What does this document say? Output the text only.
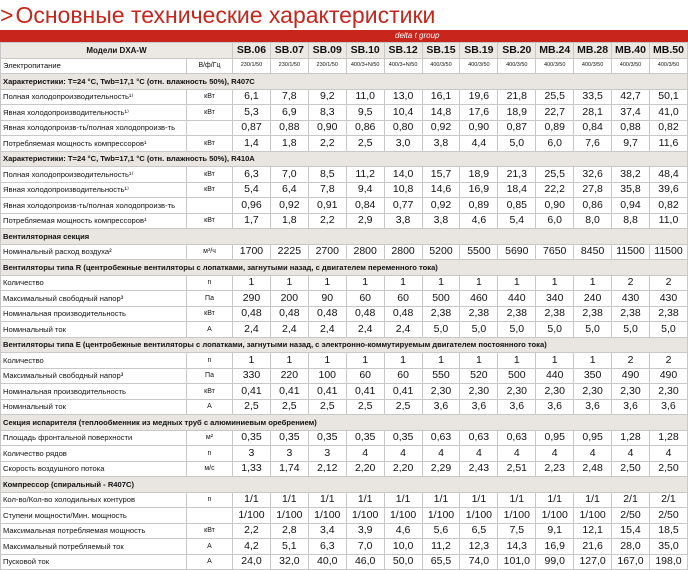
>Основные технические характеристики
delta t group
Модели DXA-W		SB.06	SB.07	SB.09	SB.10	SB.12	SB.15	SB.19	SB.20	MB.24	MB.28	MB.40	MB.50
Электропитание	В/ф/Гц	230/1/50	230/1/50	230/1/50	400/3+N/50	400/3+N/50	400/3/50	400/3/50	400/3/50	400/3/50	400/3/50	400/3/50	400/3/50
Характеристики: T=24 °C, Twb=17,1 °C (отн. влажность 50%), R407C													
Полная холодопроизводительность¹⁾	кВт	6,1	7,8	9,2	11,0	13,0	16,1	19,6	21,8	25,5	33,5	42,7	50,1
Явная холодопроизводительность¹⁾	кВт	5,3	6,9	8,3	9,5	10,4	14,8	17,6	18,9	22,7	28,1	37,4	41,0
Явная холодопроизв-ть/полная холодопроизв-ть		0,87	0,88	0,90	0,86	0,80	0,92	0,90	0,87	0,89	0,84	0,88	0,82
Потребляемая мощность компрессоров¹	кВт	1,4	1,8	2,2	2,5	3,0	3,8	4,4	5,0	6,0	7,6	9,7	11,6
Характеристики: T=24 °C, Twb=17,1 °C (отн. влажность 50%), R410A													
Полная холодопроизводительность¹⁾	кВт	6,3	7,0	8,5	11,2	14,0	15,7	18,9	21,3	25,5	32,6	38,2	48,4
Явная холодопроизводительность¹⁾	кВт	5,4	6,4	7,8	9,4	10,8	14,6	16,9	18,4	22,2	27,8	35,8	39,6
Явная холодопроизв-ть/полная холодопроизв-ть		0,96	0,92	0,91	0,84	0,77	0,92	0,89	0,85	0,90	0,86	0,94	0,82
Потребляемая мощность компрессоров¹	кВт	1,7	1,8	2,2	2,9	3,8	3,8	4,6	5,4	6,0	8,0	8,8	11,0
Вентиляторная секция													
Номинальный расход воздуха²	м³/ч	1700	2225	2700	2800	2800	5200	5500	5690	7650	8450	11500	11500
Вентиляторы типа R (центробежные вентиляторы с лопатками, загнутыми назад, с двигателем переменного тока)													
Количество	n	1	1	1	1	1	1	1	1	1	1	2	2
Максимальный свободный напор³	Па	290	200	90	60	60	500	460	440	340	240	430	430
Номинальная производительность	кВт	0,48	0,48	0,48	0,48	0,48	2,38	2,38	2,38	2,38	2,38	2,38	2,38
Номинальный ток	А	2,4	2,4	2,4	2,4	2,4	5,0	5,0	5,0	5,0	5,0	5,0	5,0
Вентиляторы типа E (центробежные вентиляторы с лопатками, загнутыми назад, с электронно-коммутируемым двигателем постоянного тока)													
Количество	n	1	1	1	1	1	1	1	1	1	1	2	2
Максимальный свободный напор³	Па	330	220	100	60	60	550	520	500	440	350	490	490
Номинальная производительность	кВт	0,41	0,41	0,41	0,41	0,41	2,30	2,30	2,30	2,30	2,30	2,30	2,30
Номинальный ток	А	2,5	2,5	2,5	2,5	2,5	3,6	3,6	3,6	3,6	3,6	3,6	3,6
Секция испарителя (теплообменник из медных труб с алюминиевым оребрением)													
Площадь фронтальной поверхности	м²	0,35	0,35	0,35	0,35	0,35	0,63	0,63	0,63	0,95	0,95	1,28	1,28
Количество рядов	n	3	3	3	4	4	4	4	4	4	4	4	4
Скорость воздушного потока	м/с	1,33	1,74	2,12	2,20	2,20	2,29	2,43	2,51	2,23	2,48	2,50	2,50
Компрессор (спиральный - R407C)													
Кол-во/Кол-во холодильных контуров	n	1/1	1/1	1/1	1/1	1/1	1/1	1/1	1/1	1/1	1/1	2/1	2/1
Ступени мощности/Мин. мощность		1/100	1/100	1/100	1/100	1/100	1/100	1/100	1/100	1/100	1/100	2/50	2/50
Максимальная потребляемая мощность	кВт	2,2	2,8	3,4	3,9	4,6	5,6	6,5	7,5	9,1	12,1	15,4	18,5
Максимальный потребляемый ток	А	4,2	5,1	6,3	7,0	10,0	11,2	12,3	14,3	16,9	21,6	28,0	35,0
Пусковой ток	А	24,0	32,0	40,0	46,0	50,0	65,5	74,0	101,0	99,0	127,0	167,0	198,0
